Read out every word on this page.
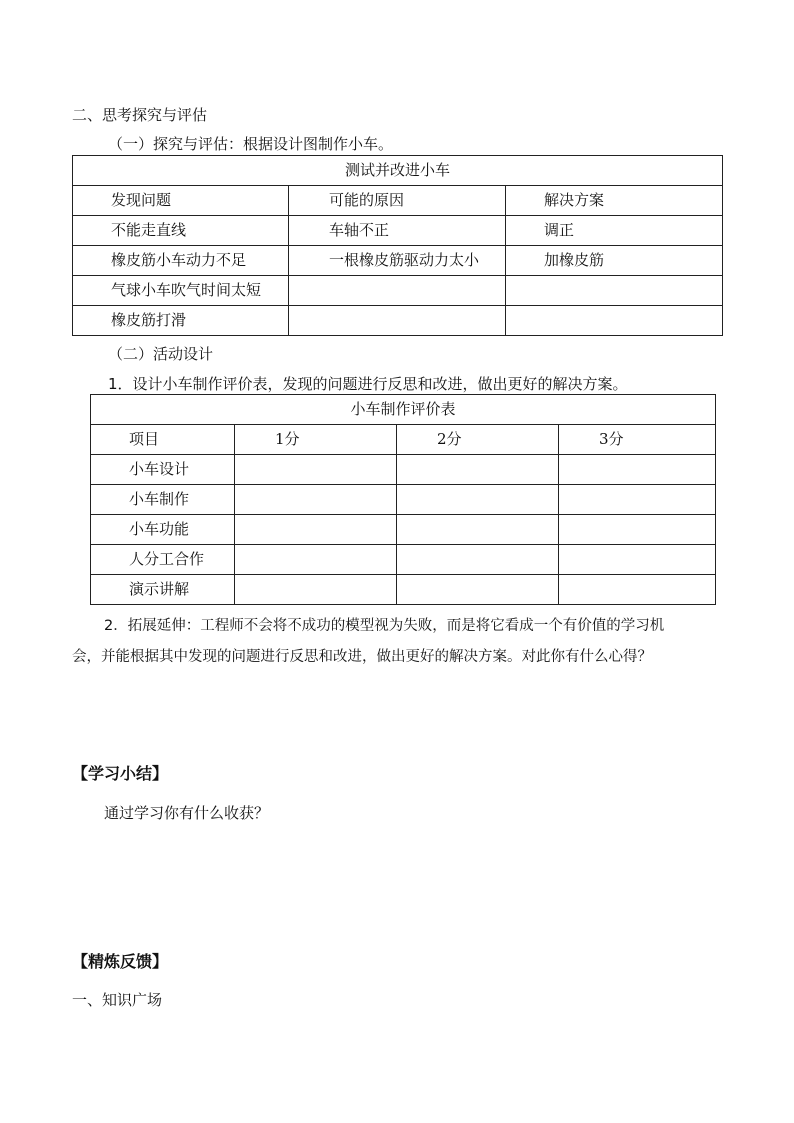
二、思考探究与评估
（一）探究与评估：根据设计图制作小车。
测试并改进小车		
发现问题	可能的原因	解决方案
不能走直线	车轴不正	调正
橡皮筋小车动力不足	一根橡皮筋驱动力太小	加橡皮筋
气球小车吹气时间太短		
橡皮筋打滑		
（二）活动设计
1．设计小车制作评价表，发现的问题进行反思和改进，做出更好的解决方案。
小车制作评价表			
项目	1分	2分	3分
小车设计			
小车制作			
小车功能			
人分工合作			
演示讲解			
2．拓展延伸：工程师不会将不成功的模型视为失败，而是将它看成一个有价值的学习机
会，并能根据其中发现的问题进行反思和改进，做出更好的解决方案。对此你有什么心得？
【学习小结】
通过学习你有什么收获？
【精炼反馈】
一、知识广场
